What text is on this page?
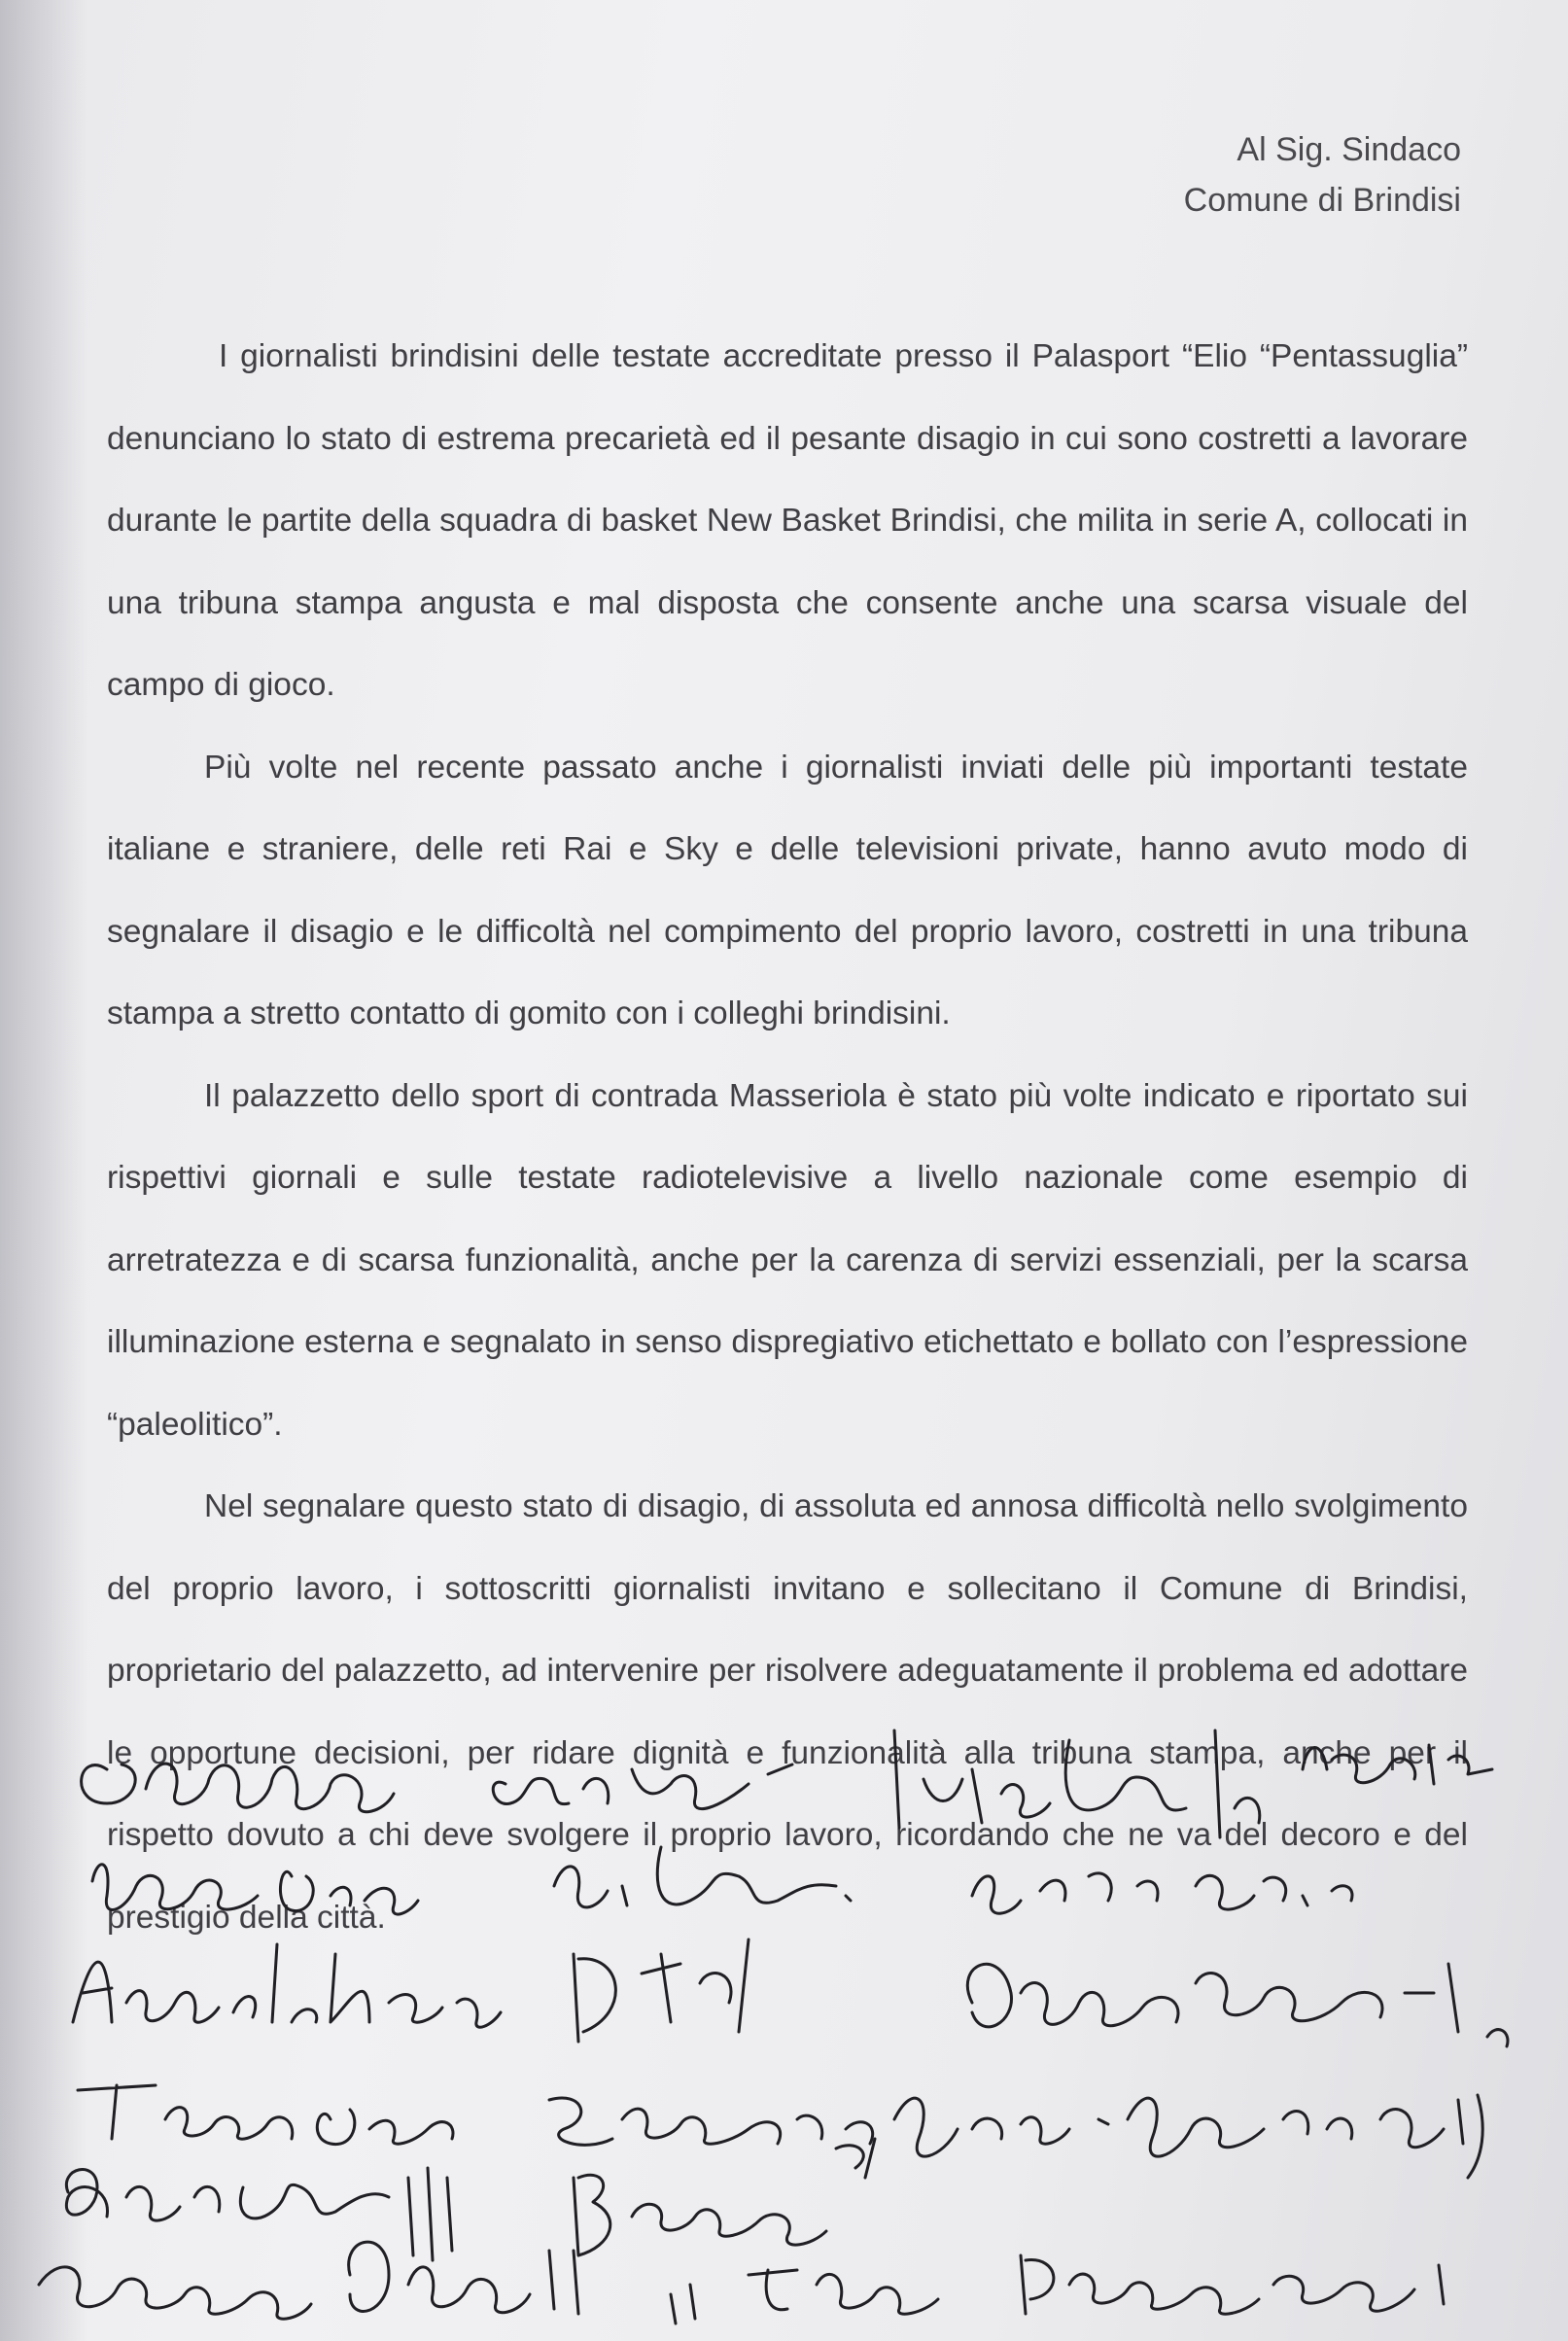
Al Sig. Sindaco
Comune di Brindisi

I giornalisti brindisini delle testate accreditate presso il Palasport “Elio “Pentassuglia” denunciano lo stato di estrema precarietà ed il pesante disagio in cui sono costretti a lavorare durante le partite della squadra di basket New Basket Brindisi, che milita in serie A, collocati in una tribuna stampa angusta e mal disposta che consente anche una scarsa visuale del campo di gioco.

Più volte nel recente passato anche i giornalisti inviati delle più importanti testate italiane e straniere, delle reti Rai e Sky e delle televisioni private, hanno avuto modo di segnalare il disagio e le difficoltà nel compimento del proprio lavoro, costretti in una tribuna stampa a stretto contatto di gomito con i colleghi brindisini.

Il palazzetto dello sport di contrada Masseriola è stato più volte indicato e riportato sui rispettivi giornali e sulle testate radiotelevisive a livello nazionale come esempio di arretratezza e di scarsa funzionalità, anche per la carenza di servizi essenziali, per la scarsa illuminazione esterna e segnalato in senso dispregiativo etichettato e bollato con l’espressione “paleolitico”.

Nel segnalare questo stato di disagio, di assoluta ed annosa difficoltà nello svolgimento del proprio lavoro, i sottoscritti giornalisti invitano e sollecitano il Comune di Brindisi, proprietario del palazzetto, ad intervenire per risolvere adeguatamente il problema ed adottare le opportune decisioni, per ridare dignità e funzionalità alla tribuna stampa, anche per il rispetto dovuto a chi deve svolgere il proprio lavoro, ricordando che ne va del decoro e del prestigio della città.
